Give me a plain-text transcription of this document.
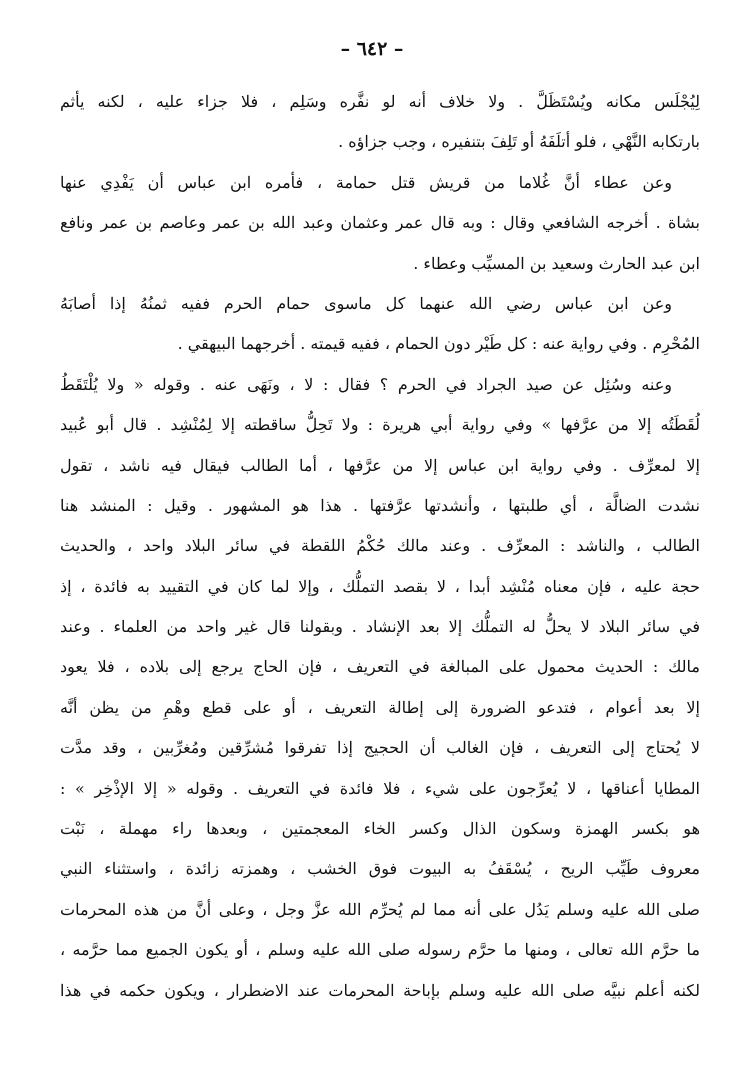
– ٦٤٢ –
لِيُجْلَس مكانه ويُسْتَظَلَّ . ولا خلاف أنه لو نفَّره وسَلِم ، فلا جزاء عليه ، لكنه يأثم
بارتكابه النَّهْي ، فلو أتلَفَهُ أو تَلِفَ بتنفيره ، وجب جزاؤه .
وعن عطاء أنَّ غُلاما من قريش قتل حمامة ، فأمره ابن عباس أن يَفْدِي عنها
بشاة . أخرجه الشافعي وقال : وبه قال عمر وعثمان وعبد الله بن عمر وعاصم بن عمر ونافع
ابن عبد الحارث وسعيد بن المسيِّب وعطاء .
وعن ابن عباس رضي الله عنهما كل ماسوى حمام الحرم ففيه ثمنُهُ إذا أصابَهُ
المُحْرِم . وفي رواية عنه : كل طَيْر دون الحمام ، ففيه قيمته . أخرجهما البيهقي .
وعنه وسُئِل عن صيد الجراد في الحرم ؟ فقال : لا ، ونَهَى عنه . وقوله « ولا يُلْتَقَطُ
لُقَطَتُه إلا من عرَّفها » وفي رواية أبي هريرة : ولا تَحِلُّ ساقطته إلا لِمُنْشِد . قال أبو عُبيد
إلا لمعرِّف . وفي رواية ابن عباس إلا من عرَّفها ، أما الطالب فيقال فيه ناشد ، تقول
نشدت الضالَّة ، أي طلبتها ، وأنشدتها عرَّفتها . هذا هو المشهور . وقيل : المنشد هنا
الطالب ، والناشد : المعرِّف . وعند مالك حُكْمُ اللقطة في سائر البلاد واحد ، والحديث
حجة عليه ، فإن معناه مُنْشِد أبدا ، لا بقصد التملُّك ، وإلا لما كان في التقييد به فائدة ، إذ
في سائر البلاد لا يحلُّ له التملُّك إلا بعد الإنشاد . وبقولنا قال غير واحد من العلماء . وعند
مالك : الحديث محمول على المبالغة في التعريف ، فإن الحاج يرجع إلى بلاده ، فلا يعود
إلا بعد أعوام ، فتدعو الضرورة إلى إطالة التعريف ، أو على قطع وهْمِ من يظن أنَّه
لا يُحتاج إلى التعريف ، فإن الغالب أن الحجيج إذا تفرقوا مُشرِّقين ومُغرِّبين ، وقد مدَّت
المطايا أعناقها ، لا يُعرِّجون على شيء ، فلا فائدة في التعريف . وقوله « إلا الإذْخِر » :
هو بكسر الهمزة وسكون الذال وكسر الخاء المعجمتين ، وبعدها راء مهملة ، نَبْت
معروف طَيِّب الريح ، يُسْقَفُ به البيوت فوق الخشب ، وهمزته زائدة ، واستثناء النبي
صلى الله عليه وسلم يَدُل على أنه مما لم يُحرِّم الله عزَّ وجل ، وعلى أنَّ من هذه المحرمات
ما حرَّم الله تعالى ، ومنها ما حرَّم رسوله صلى الله عليه وسلم ، أو يكون الجميع مما حرَّمه ،
لكنه أعلم نبيَّه صلى الله عليه وسلم بإباحة المحرمات عند الاضطرار ، ويكون حكمه في هذا
